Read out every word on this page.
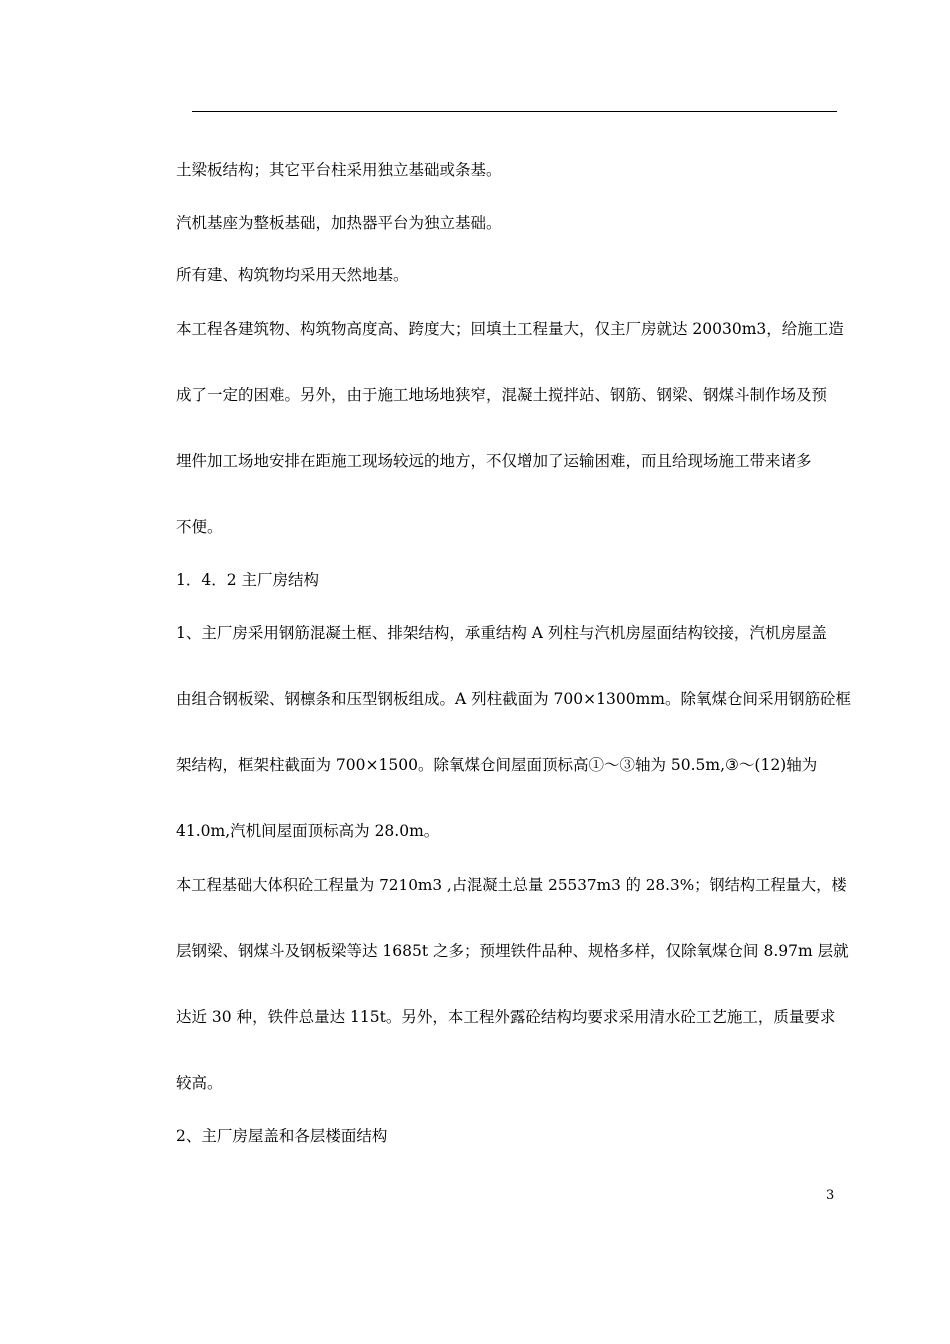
土梁板结构；其它平台柱采用独立基础或条基。
汽机基座为整板基础，加热器平台为独立基础。
所有建、构筑物均采用天然地基。
本工程各建筑物、构筑物高度高、跨度大；回填土工程量大，仅主厂房就达 20030m3，给施工造
成了一定的困难。另外，由于施工地场地狭窄，混凝土搅拌站、钢筋、钢梁、钢煤斗制作场及预
埋件加工场地安排在距施工现场较远的地方，不仅增加了运输困难，而且给现场施工带来诸多
不便。
1．4．2 主厂房结构
1、主厂房采用钢筋混凝土框、排架结构，承重结构 A 列柱与汽机房屋面结构铰接，汽机房屋盖
由组合钢板梁、钢檩条和压型钢板组成。A 列柱截面为 700×1300mm。除氧煤仓间采用钢筋砼框
架结构，框架柱截面为 700×1500。除氧煤仓间屋面顶标高①～③轴为 50.5m,③～(12)轴为
41.0m,汽机间屋面顶标高为 28.0m。
本工程基础大体积砼工程量为 7210m3 ,占混凝土总量 25537m3 的 28.3%；钢结构工程量大，楼
层钢梁、钢煤斗及钢板梁等达 1685t 之多；预埋铁件品种、规格多样，仅除氧煤仓间 8.97m 层就
达近 30 种，铁件总量达 115t。另外，本工程外露砼结构均要求采用清水砼工艺施工，质量要求
较高。
2、主厂房屋盖和各层楼面结构
3
